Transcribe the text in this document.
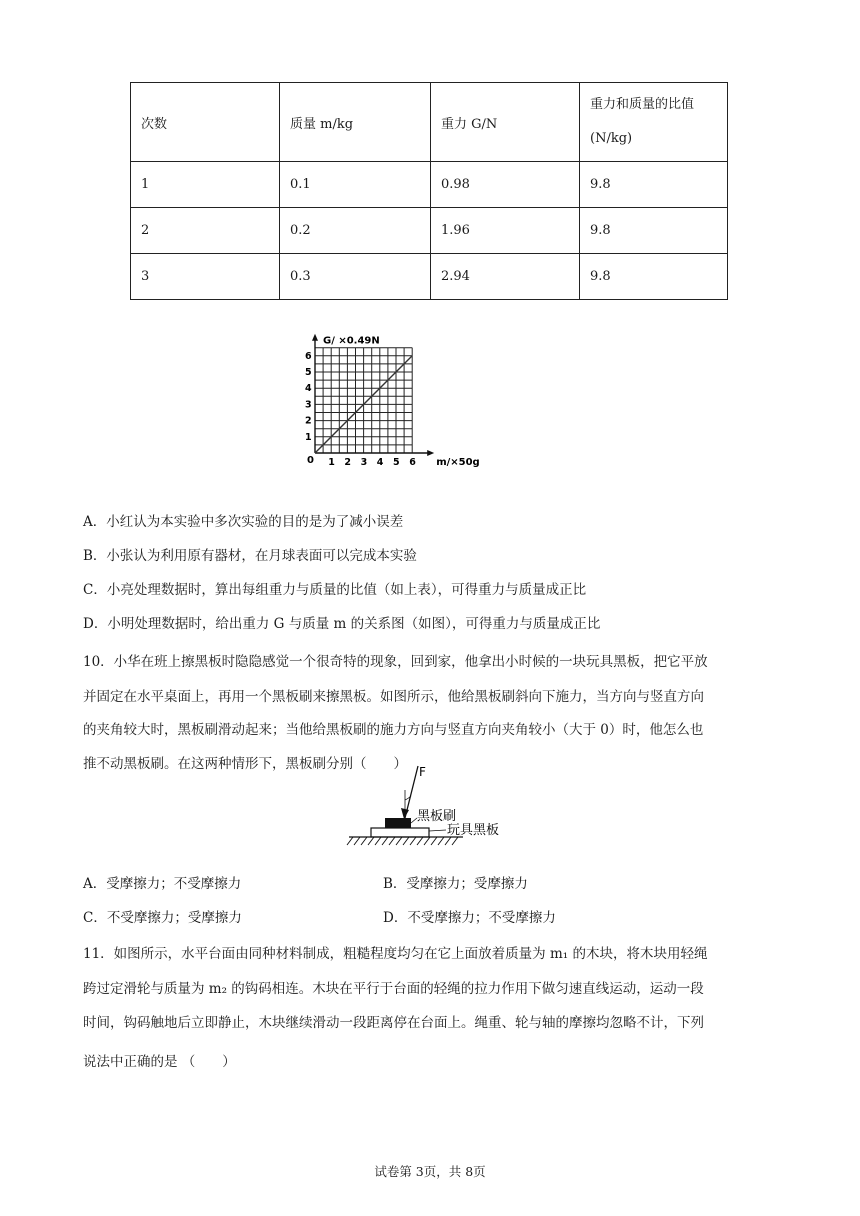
次数	质量 m/kg	重力 G/N	重力和质量的比值
(N/kg)

1	0.1	0.98	9.8
2	0.2	1.96	9.8
3	0.3	2.94	9.8
G/ ×0.49N
m/×50g
0 1 2 3 4 5 6
1
2
3
4
5
6
A．小红认为本实验中多次实验的目的是为了减小误差
B．小张认为利用原有器材，在月球表面可以完成本实验
C．小亮处理数据时，算出每组重力与质量的比值（如上表），可得重力与质量成正比
D．小明处理数据时，给出重力 G 与质量 m 的关系图（如图），可得重力与质量成正比
10．小华在班上擦黑板时隐隐感觉一个很奇特的现象，回到家，他拿出小时候的一块玩具黑板，把它平放
并固定在水平桌面上，再用一个黑板刷来擦黑板。如图所示，他给黑板刷斜向下施力，当方向与竖直方向
的夹角较大时，黑板刷滑动起来；当他给黑板刷的施力方向与竖直方向夹角较小（大于 0）时，他怎么也
推不动黑板刷。在这两种情形下，黑板刷分别（　　） F
黑板刷
玩具黑板
A．受摩擦力；不受摩擦力	B．受摩擦力；受摩擦力
C．不受摩擦力；受摩擦力	D．不受摩擦力；不受摩擦力
11．如图所示，水平台面由同种材料制成，粗糙程度均匀在它上面放着质量为 m₁ 的木块，将木块用轻绳
跨过定滑轮与质量为 m₂ 的钩码相连。木块在平行于台面的轻绳的拉力作用下做匀速直线运动，运动一段
时间，钩码触地后立即静止，木块继续滑动一段距离停在台面上。绳重、轮与轴的摩擦均忽略不计，下列
说法中正确的是 （　　）
试卷第 3页，共 8页
